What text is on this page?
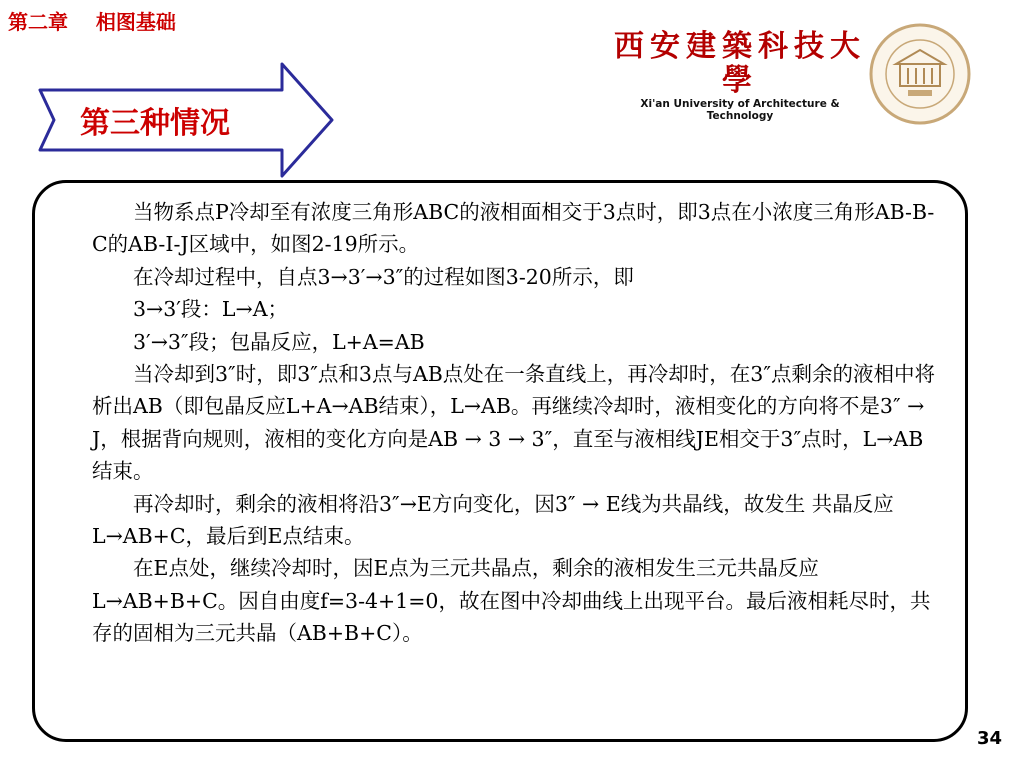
第二章    相图基础
西安建築科技大學
Xi'an University of Architecture & Technology
第三种情况

当物系点P冷却至有浓度三角形ABC的液相面相交于3点时，即3点在小浓度三角形AB-B-C的AB-I-J区域中，如图2-19所示。

在冷却过程中，自点3→3′→3″的过程如图3-20所示，即

3→3′段：L→A；

3′→3″段；包晶反应，L+A=AB

当冷却到3″时，即3″点和3点与AB点处在一条直线上，再冷却时，在3″点剩余的液相中将析出AB（即包晶反应L+A→AB结束），L→AB。再继续冷却时，液相变化的方向将不是3″ → J，根据背向规则，液相的变化方向是AB → 3 → 3″，直至与液相线JE相交于3″点时，L→AB结束。

再冷却时，剩余的液相将沿3″→E方向变化，因3″ → E线为共晶线，故发生 共晶反应L→AB+C，最后到E点结束。

在E点处，继续冷却时，因E点为三元共晶点，剩余的液相发生三元共晶反应L→AB+B+C。因自由度f=3-4+1=0，故在图中冷却曲线上出现平台。最后液相耗尽时，共存的固相为三元共晶（AB+B+C）。

34
